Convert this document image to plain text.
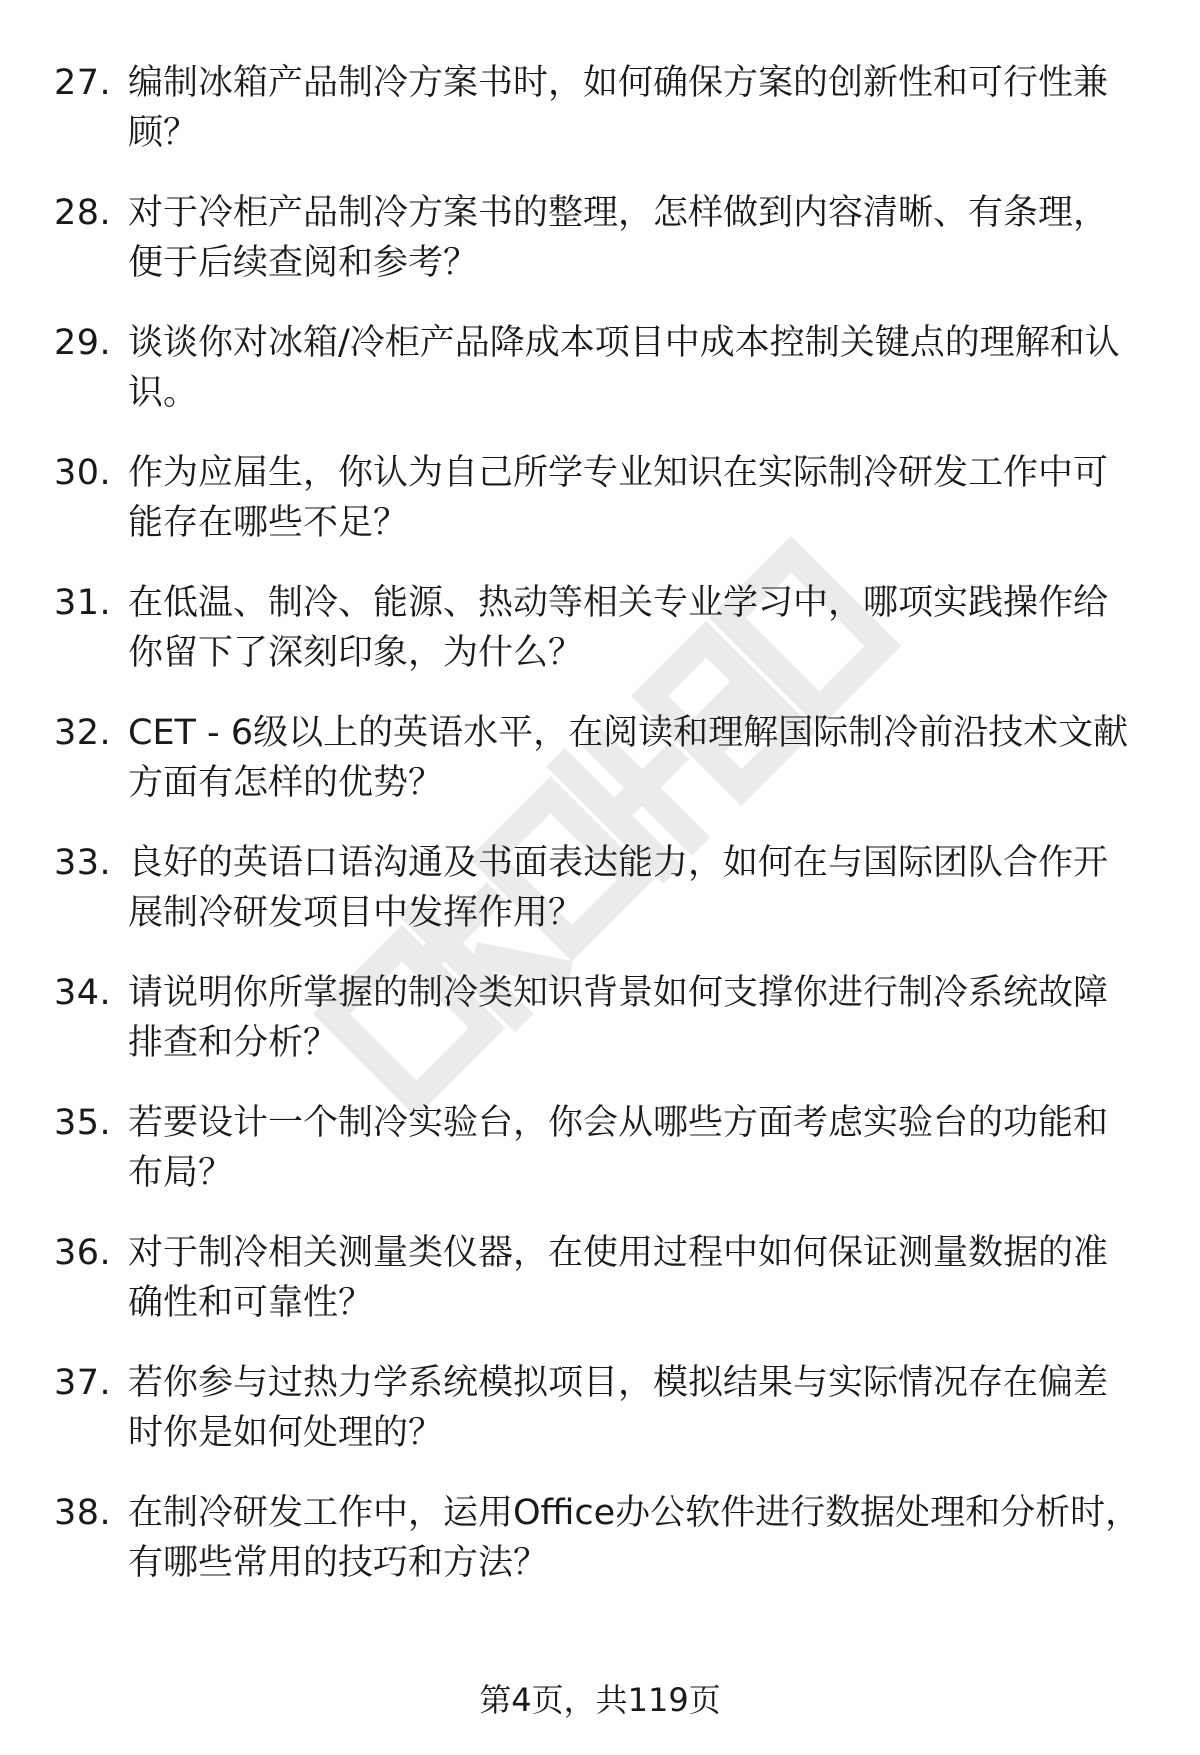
27. 编制冰箱产品制冷方案书时，如何确保方案的创新性和可行性兼顾？
28. 对于冷柜产品制冷方案书的整理，怎样做到内容清晰、有条理，便于后续查阅和参考？
29. 谈谈你对冰箱/冷柜产品降成本项目中成本控制关键点的理解和认识。
30. 作为应届生，你认为自己所学专业知识在实际制冷研发工作中可能存在哪些不足？
31. 在低温、制冷、能源、热动等相关专业学习中，哪项实践操作给你留下了深刻印象，为什么？
32. CET - 6级以上的英语水平，在阅读和理解国际制冷前沿技术文献方面有怎样的优势？
33. 良好的英语口语沟通及书面表达能力，如何在与国际团队合作开展制冷研发项目中发挥作用？
34. 请说明你所掌握的制冷类知识背景如何支撑你进行制冷系统故障排查和分析？
35. 若要设计一个制冷实验台，你会从哪些方面考虑实验台的功能和布局？
36. 对于制冷相关测量类仪器，在使用过程中如何保证测量数据的准确性和可靠性？
37. 若你参与过热力学系统模拟项目，模拟结果与实际情况存在偏差时你是如何处理的？
38. 在制冷研发工作中，运用Office办公软件进行数据处理和分析时，有哪些常用的技巧和方法？
第4页，共119页
